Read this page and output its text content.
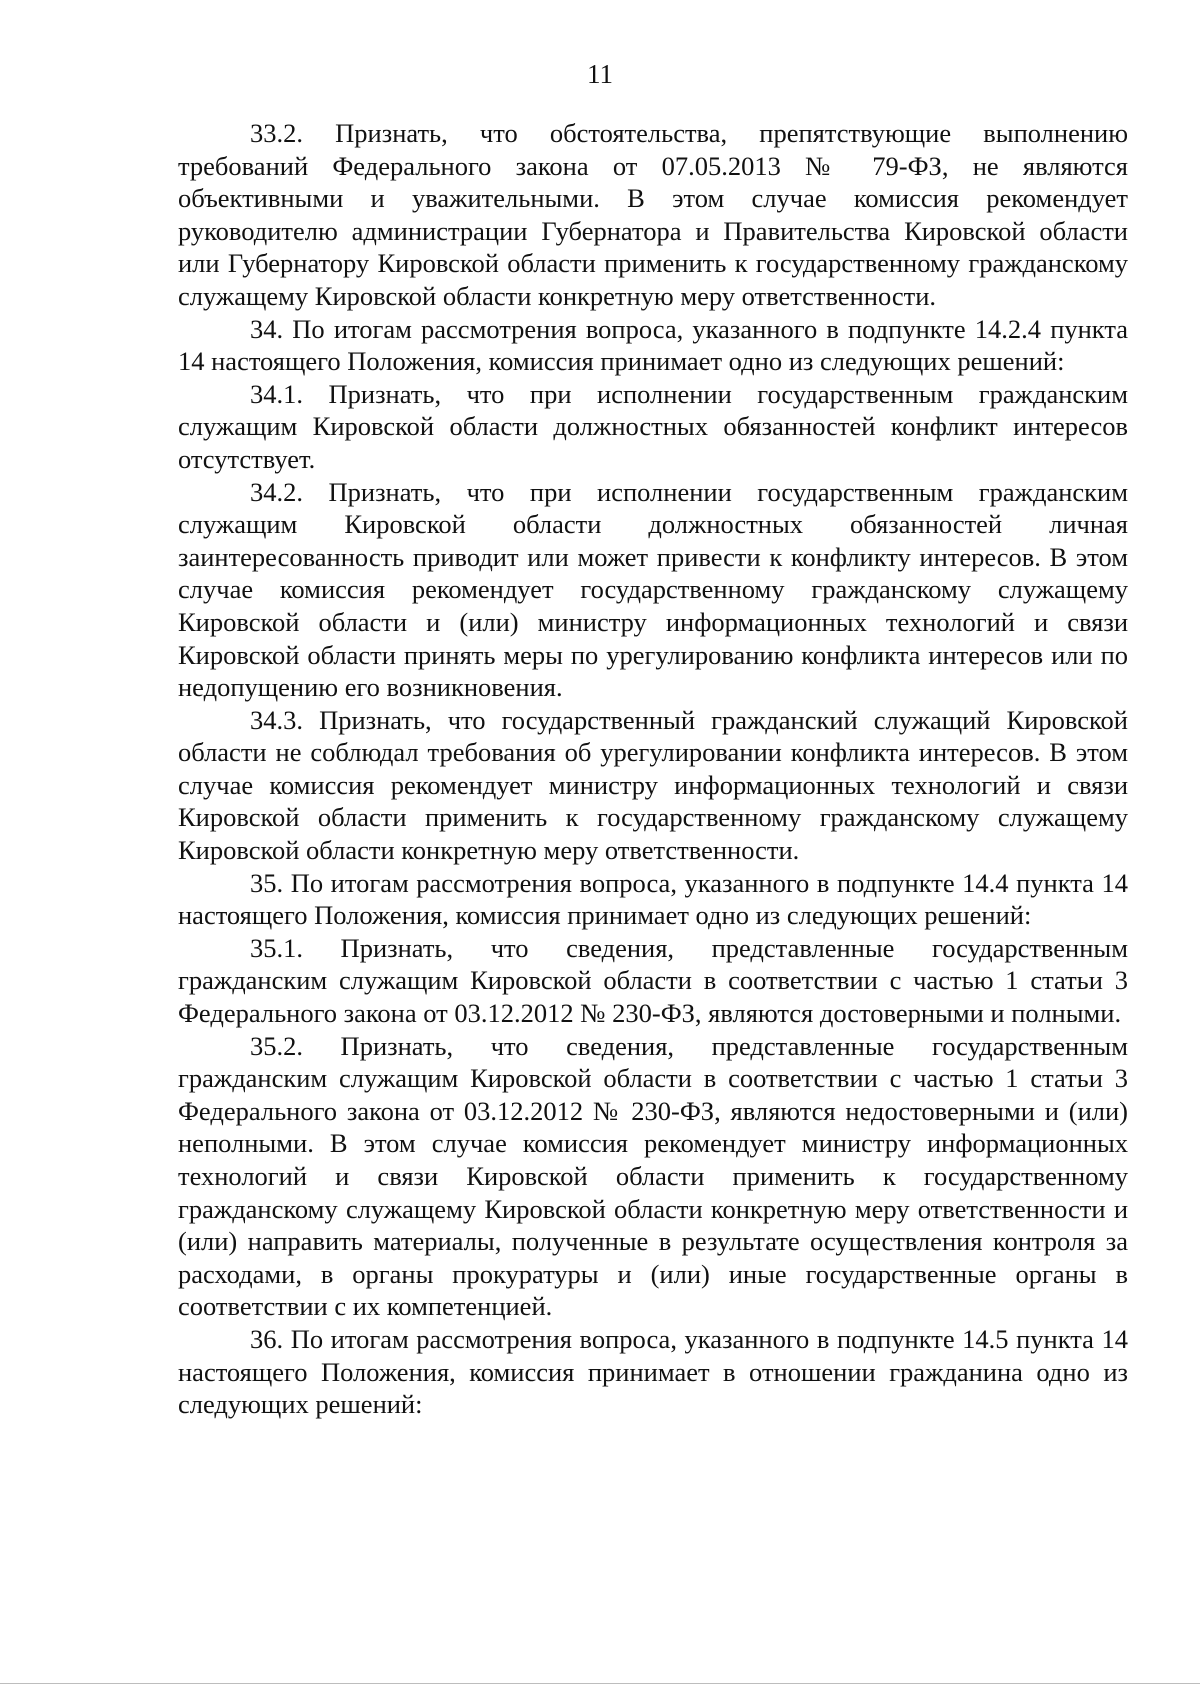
11

33.2. Признать, что обстоятельства, препятствующие выполнению требований Федерального закона от 07.05.2013 № 79-ФЗ, не являются объективными и уважительными. В этом случае комиссия рекомендует руководителю администрации Губернатора и Правительства Кировской области или Губернатору Кировской области применить к государственному гражданскому служащему Кировской области конкретную меру ответственности.

34. По итогам рассмотрения вопроса, указанного в подпункте 14.2.4 пункта 14 настоящего Положения, комиссия принимает одно из следующих решений:

34.1. Признать, что при исполнении государственным гражданским служащим Кировской области должностных обязанностей конфликт интересов отсутствует.

34.2. Признать, что при исполнении государственным гражданским служащим Кировской области должностных обязанностей личная заинтересованность приводит или может привести к конфликту интересов. В этом случае комиссия рекомендует государственному гражданскому служащему Кировской области и (или) министру информационных технологий и связи Кировской области принять меры по урегулированию конфликта интересов или по недопущению его возникновения.

34.3. Признать, что государственный гражданский служащий Кировской области не соблюдал требования об урегулировании конфликта интересов. В этом случае комиссия рекомендует министру информационных технологий и связи Кировской области применить к государственному гражданскому служащему Кировской области конкретную меру ответственности.

35. По итогам рассмотрения вопроса, указанного в подпункте 14.4 пункта 14 настоящего Положения, комиссия принимает одно из следующих решений:

35.1. Признать, что сведения, представленные государственным гражданским служащим Кировской области в соответствии с частью 1 статьи 3 Федерального закона от 03.12.2012 № 230-ФЗ, являются достоверными и полными.

35.2. Признать, что сведения, представленные государственным гражданским служащим Кировской области в соответствии с частью 1 статьи 3 Федерального закона от 03.12.2012 № 230-ФЗ, являются недостоверными и (или) неполными. В этом случае комиссия рекомендует министру информационных технологий и связи Кировской области применить к государственному гражданскому служащему Кировской области конкретную меру ответственности и (или) направить материалы, полученные в результате осуществления контроля за расходами, в органы прокуратуры и (или) иные государственные органы в соответствии с их компетенцией.

36. По итогам рассмотрения вопроса, указанного в подпункте 14.5 пункта 14 настоящего Положения, комиссия принимает в отношении гражданина одно из следующих решений:
